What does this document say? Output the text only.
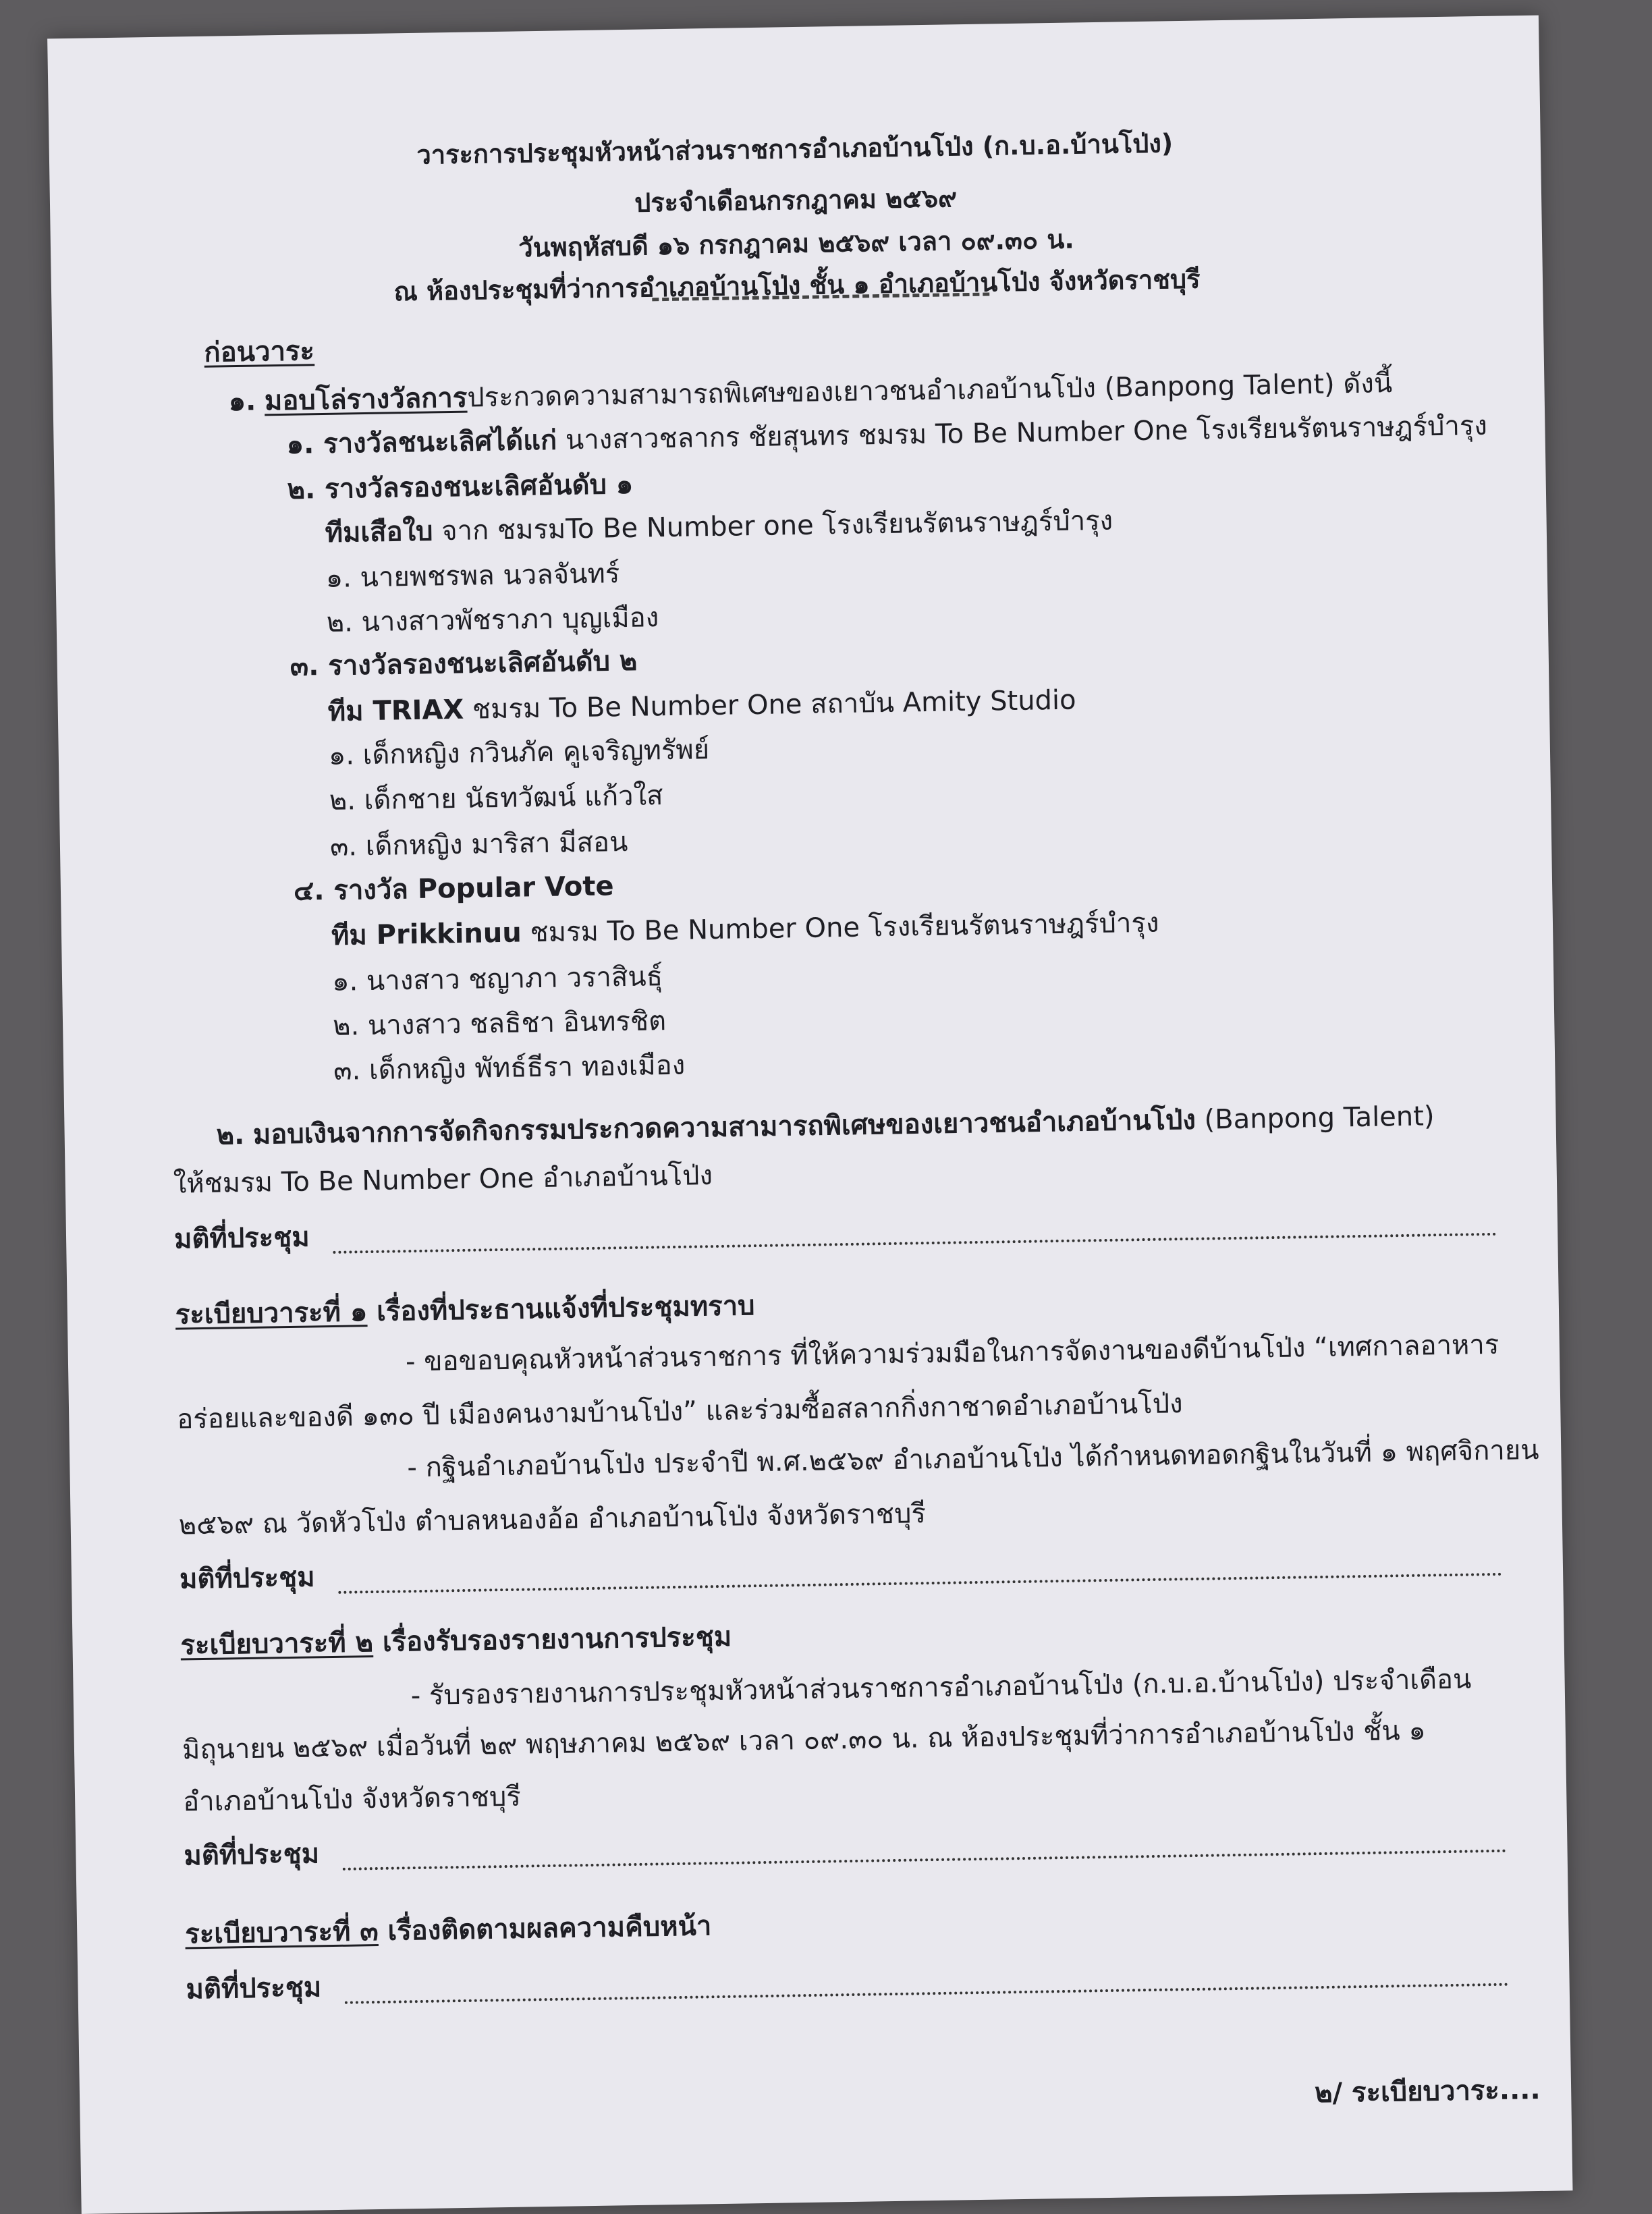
วาระการประชุมหัวหน้าส่วนราชการอำเภอบ้านโป่ง (ก.บ.อ.บ้านโป่ง)
ประจำเดือนกรกฎาคม ๒๕๖๙
วันพฤหัสบดี ๑๖ กรกฎาคม ๒๕๖๙ เวลา ๐๙.๓๐ น.
ณ ห้องประชุมที่ว่าการอำเภอบ้านโป่ง ชั้น ๑ อำเภอบ้านโป่ง จังหวัดราชบุรี
ก่อนวาระ
๑. มอบโล่รางวัลการประกวดความสามารถพิเศษของเยาวชนอำเภอบ้านโป่ง (Banpong Talent) ดังนี้
๑. รางวัลชนะเลิศได้แก่ นางสาวชลากร ชัยสุนทร ชมรม To Be Number One โรงเรียนรัตนราษฎร์บำรุง
๒. รางวัลรองชนะเลิศอันดับ ๑
ทีมเสือใบ จาก ชมรมTo Be Number one โรงเรียนรัตนราษฎร์บำรุง
๑. นายพชรพล นวลจันทร์
๒. นางสาวพัชราภา บุญเมือง
๓. รางวัลรองชนะเลิศอันดับ ๒
ทีม TRIAX ชมรม To Be Number One สถาบัน Amity Studio
๑. เด็กหญิง กวินภัค คูเจริญทรัพย์
๒. เด็กชาย นัธทวัฒน์ แก้วใส
๓. เด็กหญิง มาริสา มีสอน
๔. รางวัล Popular Vote
ทีม Prikkinuu ชมรม To Be Number One โรงเรียนรัตนราษฎร์บำรุง
๑. นางสาว ชญาภา วราสินธุ์
๒. นางสาว ชลธิชา อินทรชิต
๓. เด็กหญิง พัทธ์ธีรา ทองเมือง
๒. มอบเงินจากการจัดกิจกรรมประกวดความสามารถพิเศษของเยาวชนอำเภอบ้านโป่ง (Banpong Talent)
ให้ชมรม To Be Number One อำเภอบ้านโป่ง
มติที่ประชุม
ระเบียบวาระที่ ๑ เรื่องที่ประธานแจ้งที่ประชุมทราบ
- ขอขอบคุณหัวหน้าส่วนราชการ ที่ให้ความร่วมมือในการจัดงานของดีบ้านโป่ง “เทศกาลอาหาร
อร่อยและของดี ๑๓๐ ปี เมืองคนงามบ้านโป่ง” และร่วมซื้อสลากกิ่งกาชาดอำเภอบ้านโป่ง
- กฐินอำเภอบ้านโป่ง ประจำปี พ.ศ.๒๕๖๙ อำเภอบ้านโป่ง ได้กำหนดทอดกฐินในวันที่ ๑ พฤศจิกายน
๒๕๖๙ ณ วัดหัวโป่ง ตำบลหนองอ้อ อำเภอบ้านโป่ง จังหวัดราชบุรี
มติที่ประชุม
ระเบียบวาระที่ ๒ เรื่องรับรองรายงานการประชุม
- รับรองรายงานการประชุมหัวหน้าส่วนราชการอำเภอบ้านโป่ง (ก.บ.อ.บ้านโป่ง) ประจำเดือน
มิถุนายน ๒๕๖๙ เมื่อวันที่ ๒๙ พฤษภาคม ๒๕๖๙ เวลา ๐๙.๓๐ น. ณ ห้องประชุมที่ว่าการอำเภอบ้านโป่ง ชั้น ๑
อำเภอบ้านโป่ง จังหวัดราชบุรี
มติที่ประชุม
ระเบียบวาระที่ ๓ เรื่องติดตามผลความคืบหน้า
มติที่ประชุม
๒/ ระเบียบวาระ....
